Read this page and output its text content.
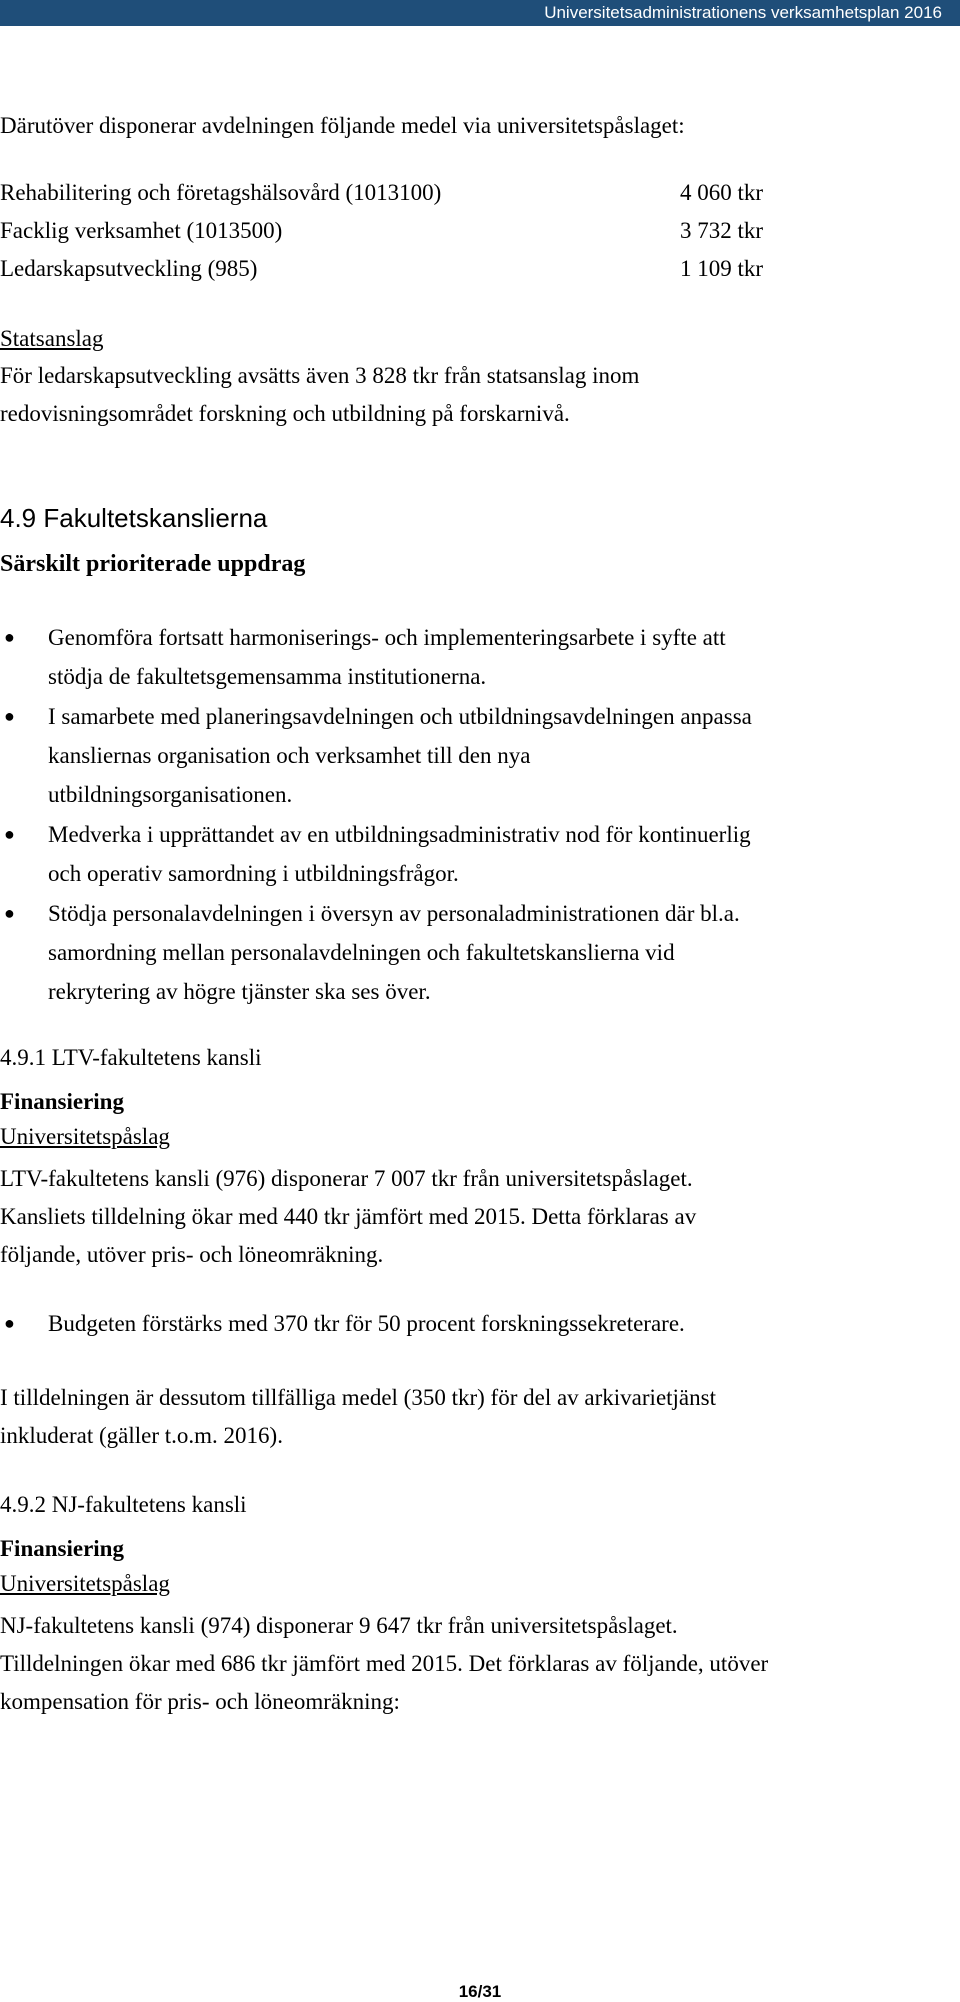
Universitetsadministrationens verksamhetsplan 2016

Därutöver disponerar avdelningen följande medel via universitetspåslaget:

Rehabilitering och företagshälsovård (1013100)	4 060 tkr
Facklig verksamhet (1013500)	3 732 tkr
Ledarskapsutveckling (985)	1 109 tkr

Statsanslag

För ledarskapsutveckling avsätts även 3 828 tkr från statsanslag inom

redovisningsområdet forskning och utbildning på forskarnivå.

4.9 Fakultetskanslierna
Särskilt prioriterade uppdrag
● Genomföra fortsatt harmoniserings- och implementeringsarbete i syfte att
stödja de fakultetsgemensamma institutionerna.
● I samarbete med planeringsavdelningen och utbildningsavdelningen anpassa
kansliernas organisation och verksamhet till den nya
utbildningsorganisationen.
● Medverka i upprättandet av en utbildningsadministrativ nod för kontinuerlig
och operativ samordning i utbildningsfrågor.
● Stödja personalavdelningen i översyn av personaladministrationen där bl.a.
samordning mellan personalavdelningen och fakultetskanslierna vid
rekrytering av högre tjänster ska ses över.

4.9.1 LTV-fakultetens kansli

Finansiering

Universitetspåslag

LTV-fakultetens kansli (976) disponerar 7 007 tkr från universitetspåslaget.

Kansliets tilldelning ökar med 440 tkr jämfört med 2015. Detta förklaras av

följande, utöver pris- och löneomräkning.

● Budgeten förstärks med 370 tkr för 50 procent forskningssekreterare.

I tilldelningen är dessutom tillfälliga medel (350 tkr) för del av arkivarietjänst

inkluderat (gäller t.o.m. 2016).

4.9.2 NJ-fakultetens kansli

Finansiering

Universitetspåslag

NJ-fakultetens kansli (974) disponerar 9 647 tkr från universitetspåslaget.

Tilldelningen ökar med 686 tkr jämfört med 2015. Det förklaras av följande, utöver

kompensation för pris- och löneomräkning:

16/31
